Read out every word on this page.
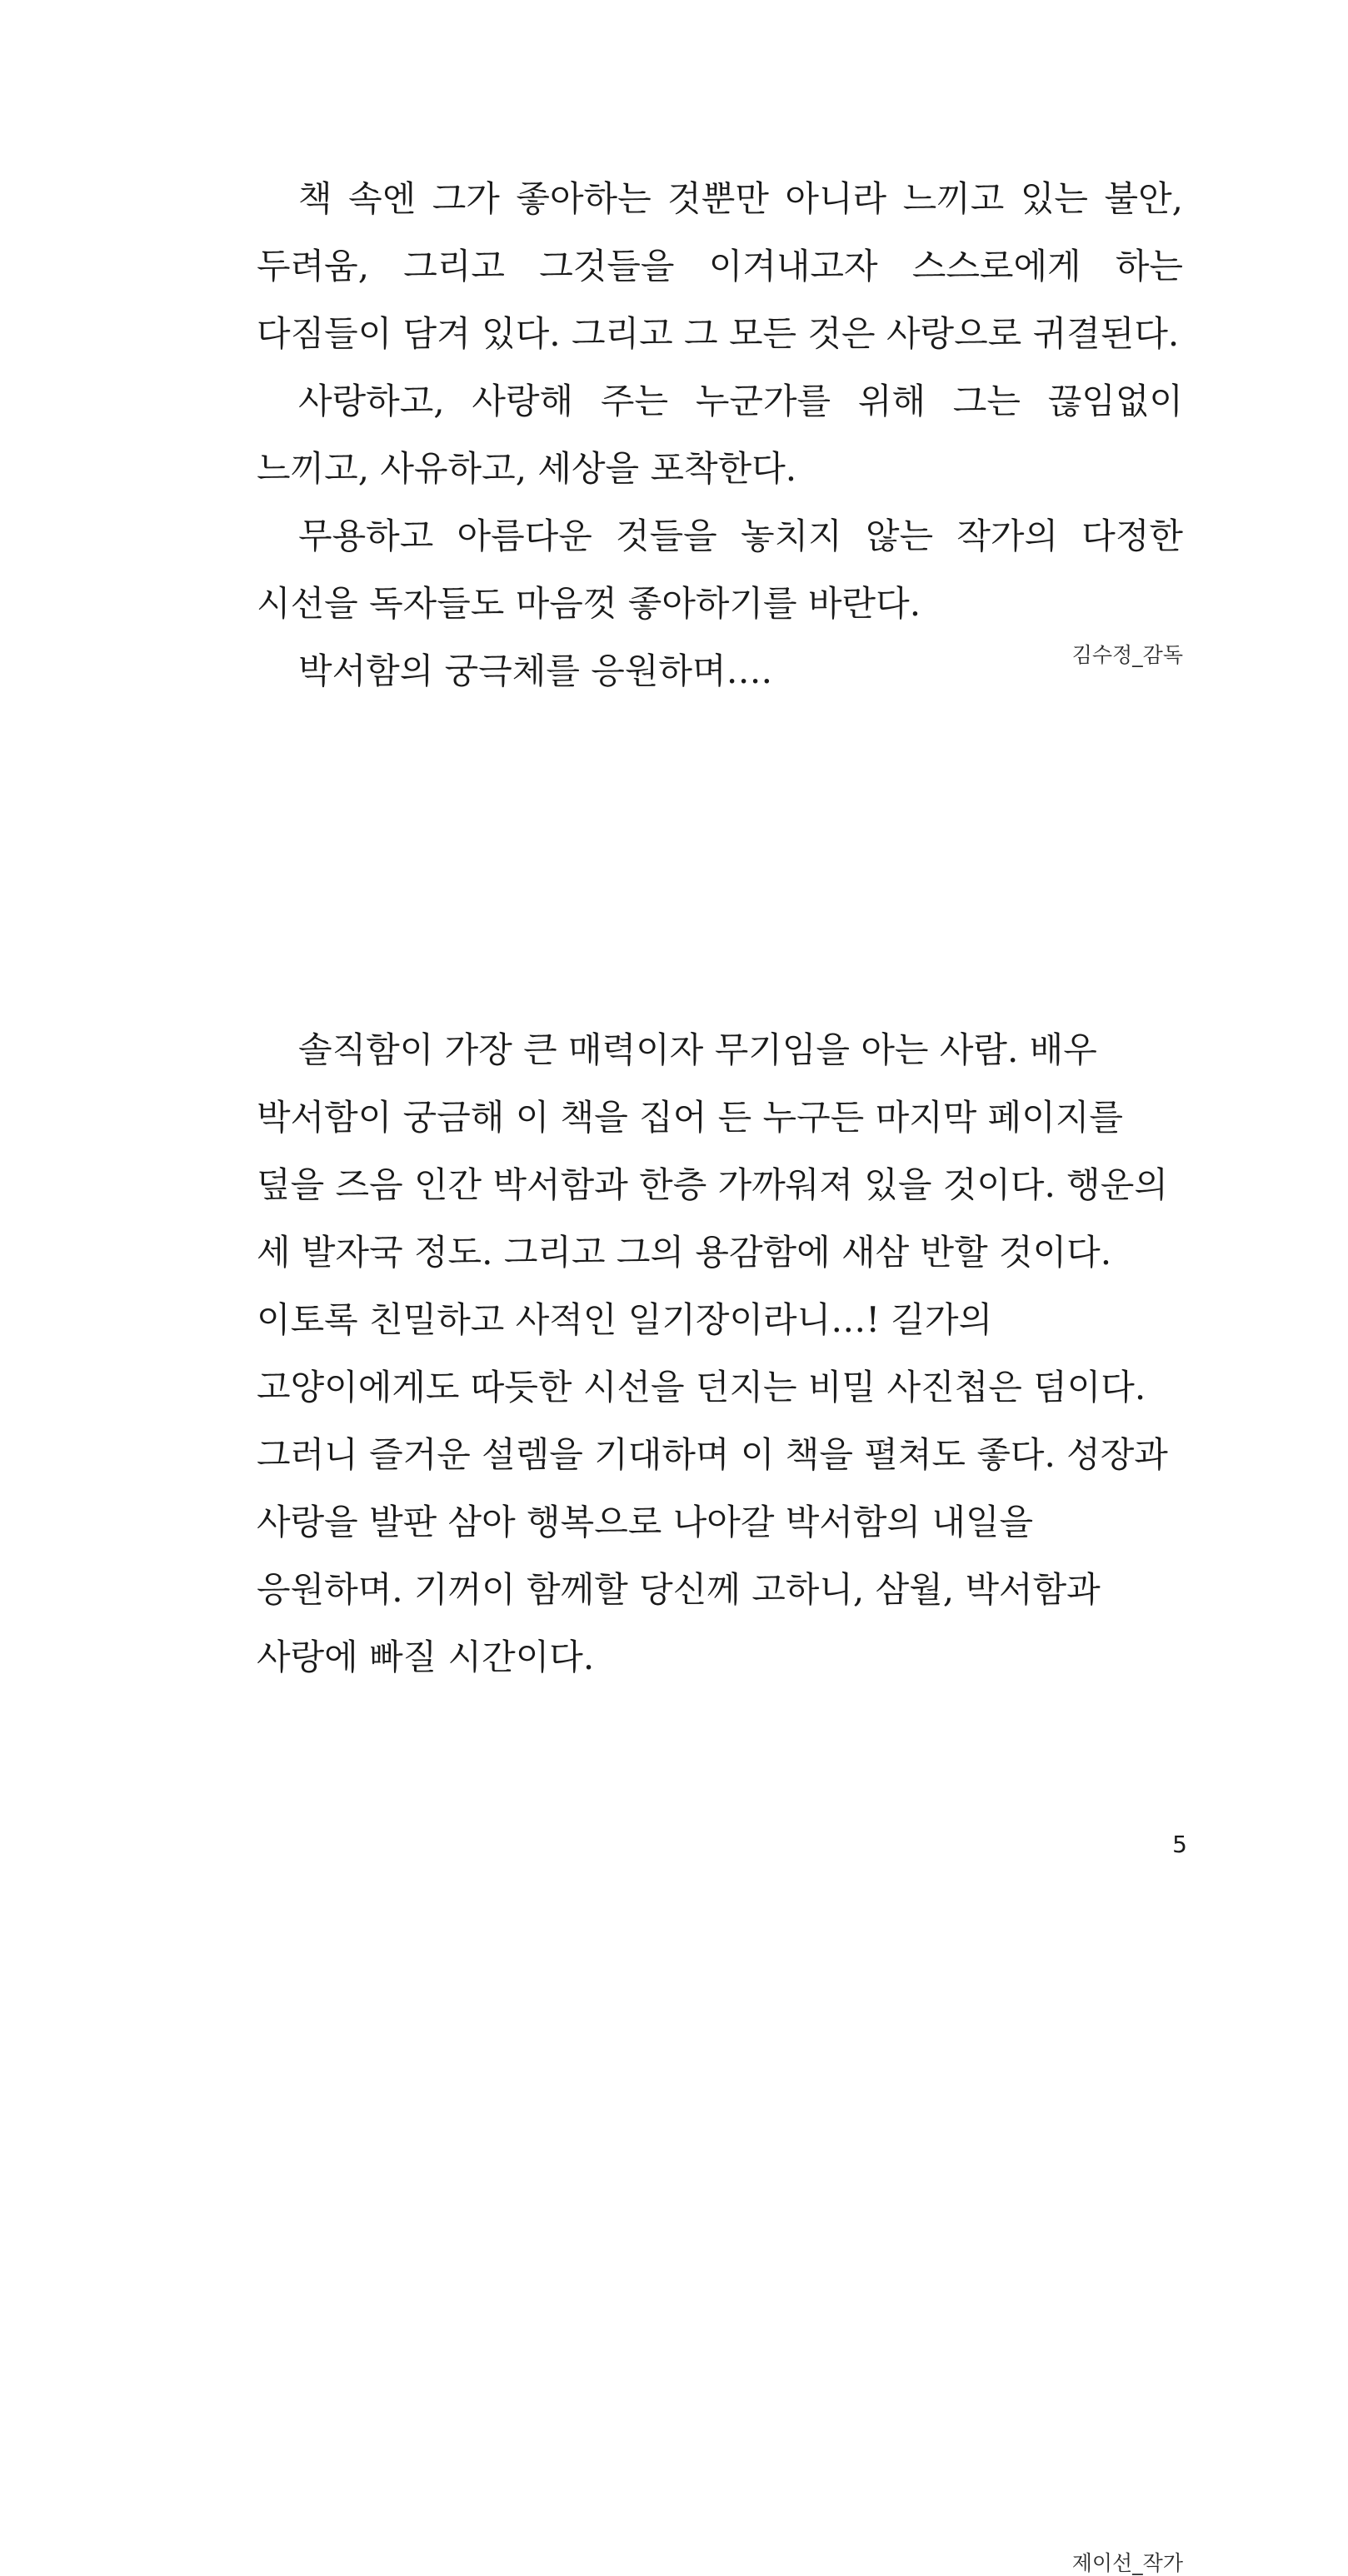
책 속엔 그가 좋아하는 것뿐만 아니라 느끼고 있는 불안, 두려움, 그리고 그것들을 이겨내고자 스스로에게 하는 다짐들이 담겨 있다. 그리고 그 모든 것은 사랑으로 귀결된다.

사랑하고, 사랑해 주는 누군가를 위해 그는 끊임없이 느끼고, 사유하고, 세상을 포착한다.

무용하고 아름다운 것들을 놓치지 않는 작가의 다정한 시선을 독자들도 마음껏 좋아하기를 바란다.

박서함의 궁극체를 응원하며….	김수정_감독

솔직함이 가장 큰 매력이자 무기임을 아는 사람. 배우 박서함이 궁금해 이 책을 집어 든 누구든 마지막 페이지를 덮을 즈음 인간 박서함과 한층 가까워져 있을 것이다. 행운의 세 발자국 정도. 그리고 그의 용감함에 새삼 반할 것이다. 이토록 친밀하고 사적인 일기장이라니…! 길가의 고양이에게도 따듯한 시선을 던지는 비밀 사진첩은 덤이다. 그러니 즐거운 설렘을 기대하며 이 책을 펼쳐도 좋다. 성장과 사랑을 발판 삼아 행복으로 나아갈 박서함의 내일을 응원하며. 기꺼이 함께할 당신께 고하니, 삼월, 박서함과 사랑에 빠질 시간이다.

제이선_작가
5
